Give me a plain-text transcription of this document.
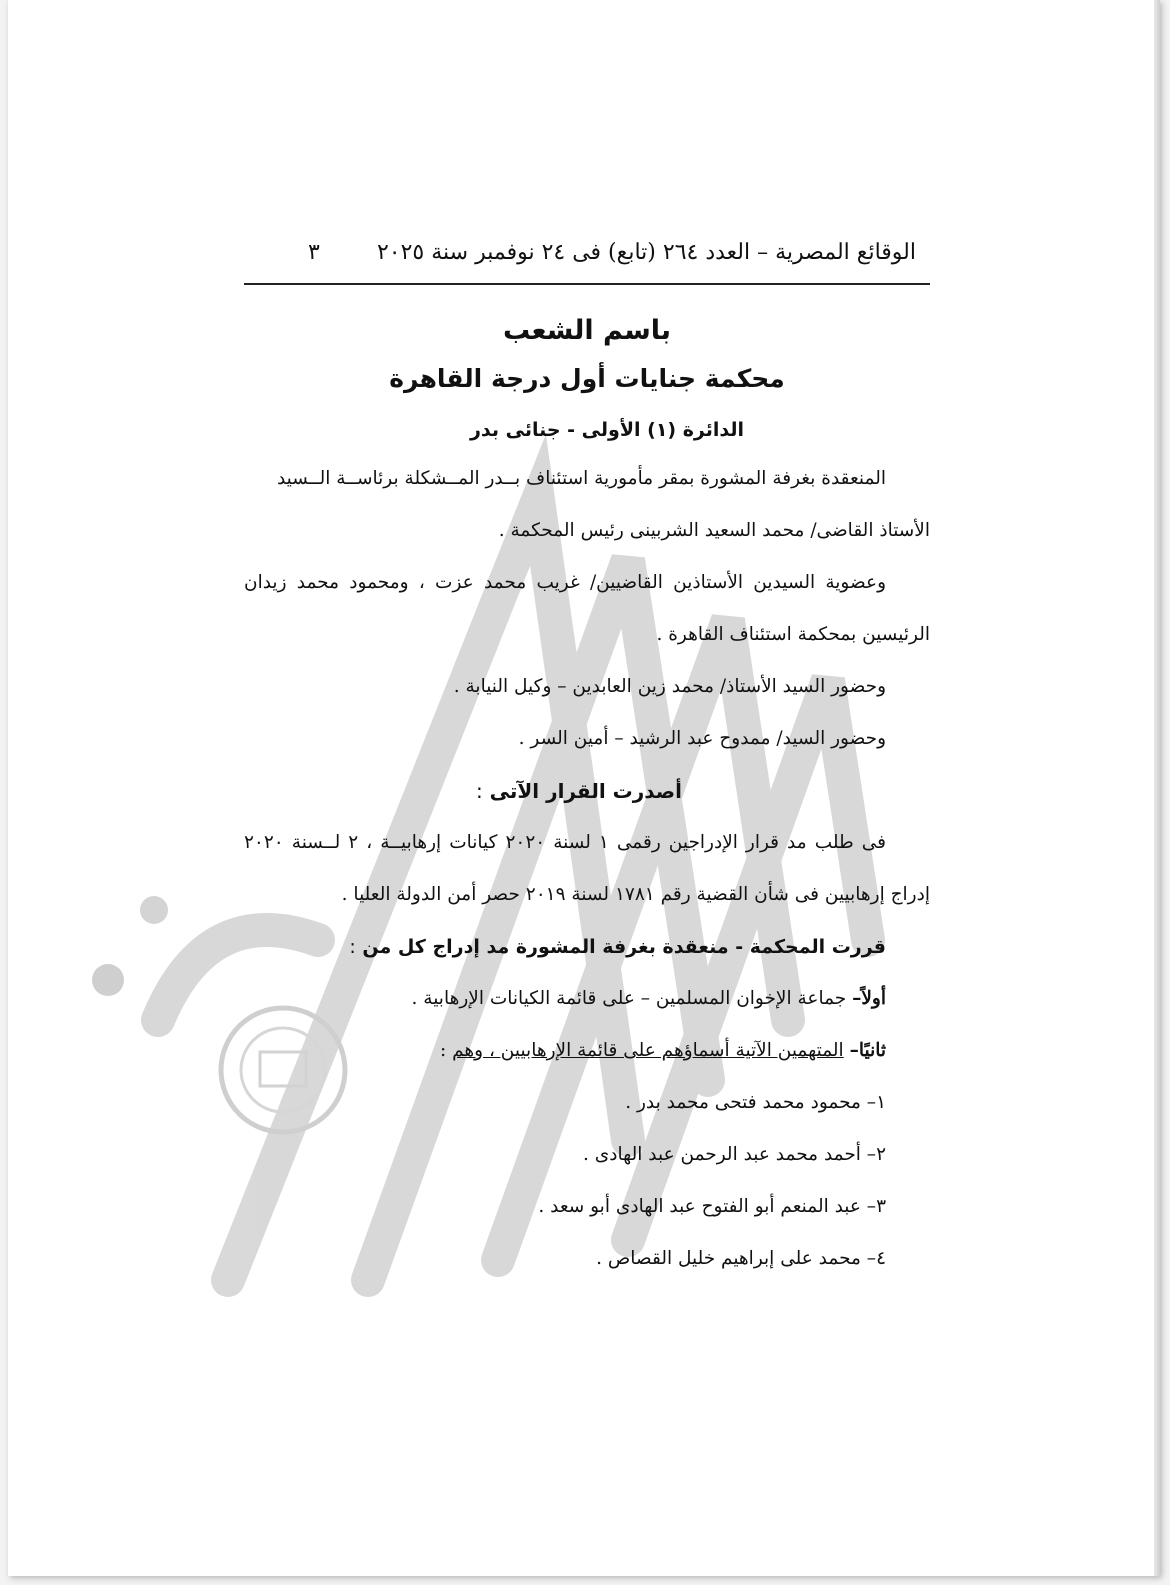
الوقائع المصرية – العدد ٢٦٤ (تابع) فى ٢٤ نوفمبر سنة ٢٠٢٥
٣
باسم الشعب
محكمة جنايات أول درجة القاهرة
الدائرة (١) الأولى - جنائى بدر
المنعقدة بغرفة المشورة بمقر مأمورية استئناف بــدر المــشكلة برئاســة الــسيد
الأستاذ القاضى/ محمد السعيد الشربينى رئيس المحكمة .
وعضوية السيدين الأستاذين القاضيين/ غريب محمد عزت ، ومحمود محمد زيدان
الرئيسين بمحكمة استئناف القاهرة .
وحضور السيد الأستاذ/ محمد زين العابدين – وكيل النيابة .
وحضور السيد/ ممدوح عبد الرشيد – أمين السر .
أصدرت القرار الآتى :
فى طلب مد قرار الإدراجين رقمى ١ لسنة ٢٠٢٠ كيانات إرهابيــة ، ٢ لــسنة ٢٠٢٠
إدراج إرهابيين فى شأن القضية رقم ١٧٨١ لسنة ٢٠١٩ حصر أمن الدولة العليا .
قررت المحكمة - منعقدة بغرفة المشورة مد إدراج كل من :
أولاً– جماعة الإخوان المسلمين – على قائمة الكيانات الإرهابية .
ثانيًا– المتهمين الآتية أسماؤهم على قائمة الإرهابيين ، وهم :
١– محمود محمد فتحى محمد بدر .
٢– أحمد محمد عبد الرحمن عبد الهادى .
٣– عبد المنعم أبو الفتوح عبد الهادى أبو سعد .
٤– محمد على إبراهيم خليل القصاص .
